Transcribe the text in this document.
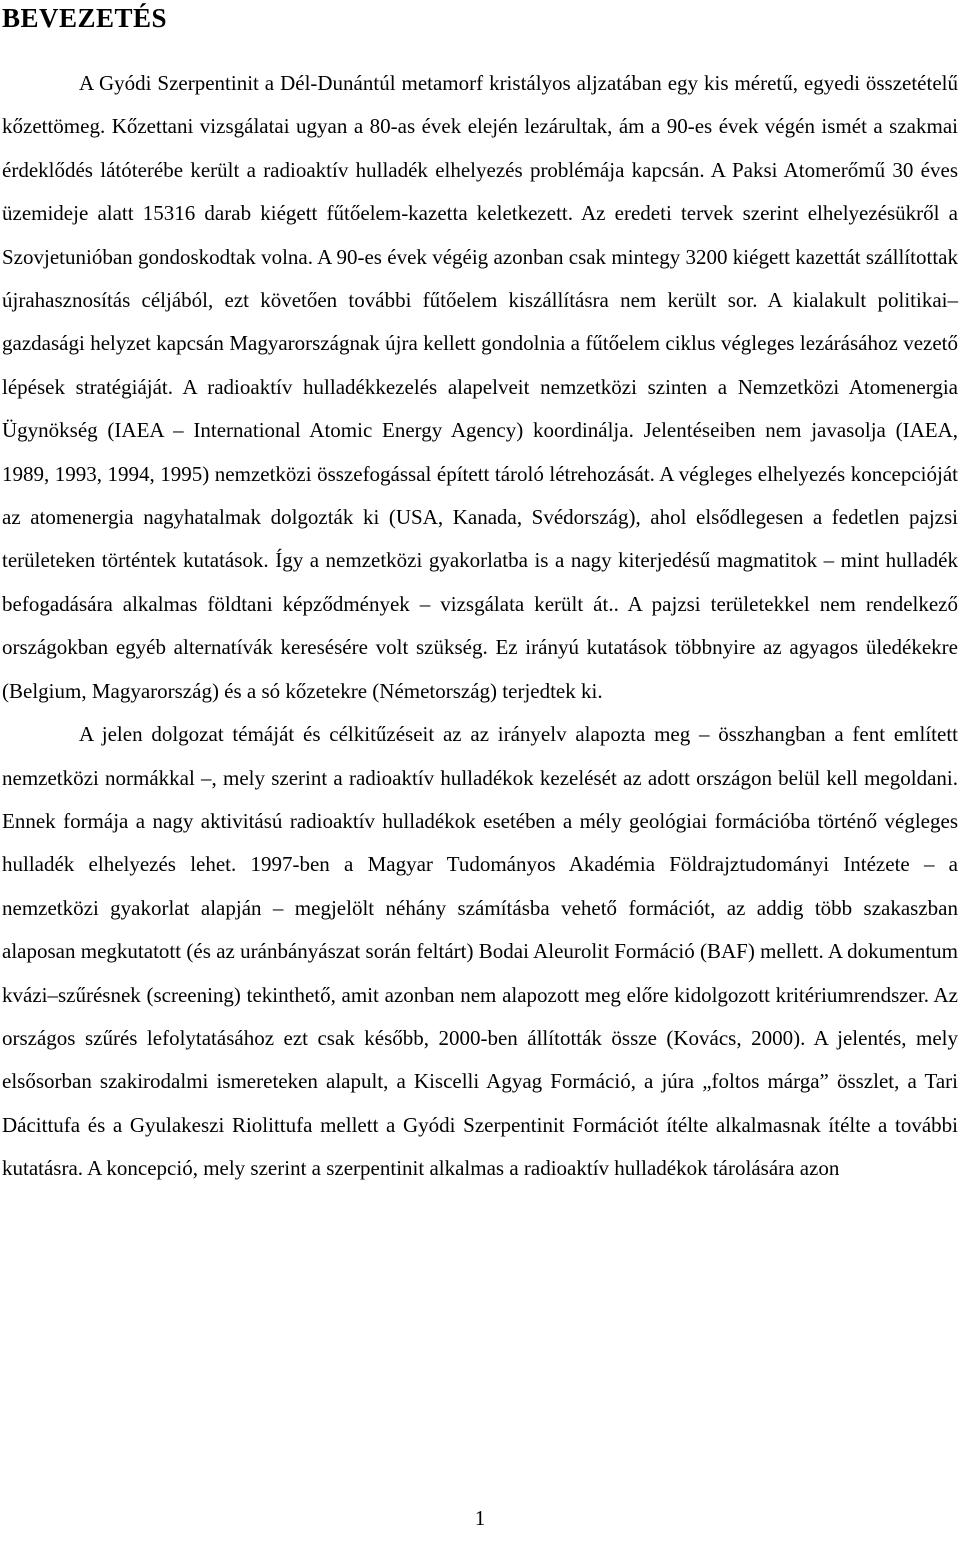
BEVEZETÉS

A Gyódi Szerpentinit a Dél-Dunántúl metamorf kristályos aljzatában egy kis méretű, egyedi összetételű kőzettömeg. Kőzettani vizsgálatai ugyan a 80-as évek elején lezárultak, ám a 90-es évek végén ismét a szakmai érdeklődés látóterébe került a radioaktív hulladék elhelyezés problémája kapcsán. A Paksi Atomerőmű 30 éves üzemideje alatt 15316 darab kiégett fűtőelem-kazetta keletkezett. Az eredeti tervek szerint elhelyezésükről a Szovjetunióban gondoskodtak volna. A 90-es évek végéig azonban csak mintegy 3200 kiégett kazettát szállítottak újrahasznosítás céljából, ezt követően további fűtőelem kiszállításra nem került sor. A kialakult politikai–gazdasági helyzet kapcsán Magyarországnak újra kellett gondolnia a fűtőelem ciklus végleges lezárásához vezető lépések stratégiáját. A radioaktív hulladékkezelés alapelveit nemzetközi szinten a Nemzetközi Atomenergia Ügynökség (IAEA – International Atomic Energy Agency) koordinálja. Jelentéseiben nem javasolja (IAEA, 1989, 1993, 1994, 1995) nemzetközi összefogással épített tároló létrehozását. A végleges elhelyezés koncepcióját az atomenergia nagyhatalmak dolgozták ki (USA, Kanada, Svédország), ahol elsődlegesen a fedetlen pajzsi területeken történtek kutatások. Így a nemzetközi gyakorlatba is a nagy kiterjedésű magmatitok – mint hulladék befogadására alkalmas földtani képződmények – vizsgálata került át.. A pajzsi területekkel nem rendelkező országokban egyéb alternatívák keresésére volt szükség. Ez irányú kutatások többnyire az agyagos üledékekre (Belgium, Magyarország) és a só kőzetekre (Németország) terjedtek ki.

A jelen dolgozat témáját és célkitűzéseit az az irányelv alapozta meg – összhangban a fent említett nemzetközi normákkal –, mely szerint a radioaktív hulladékok kezelését az adott országon belül kell megoldani. Ennek formája a nagy aktivitású radioaktív hulladékok esetében a mély geológiai formációba történő végleges hulladék elhelyezés lehet. 1997-ben a Magyar Tudományos Akadémia Földrajztudományi Intézete – a nemzetközi gyakorlat alapján – megjelölt néhány számításba vehető formációt, az addig több szakaszban alaposan megkutatott (és az uránbányászat során feltárt) Bodai Aleurolit Formáció (BAF) mellett. A dokumentum kvázi–szűrésnek (screening) tekinthető, amit azonban nem alapozott meg előre kidolgozott kritériumrendszer. Az országos szűrés lefolytatásához ezt csak később, 2000-ben állították össze (Kovács, 2000). A jelentés, mely elsősorban szakirodalmi ismereteken alapult, a Kiscelli Agyag Formáció, a júra „foltos márga” összlet, a Tari Dácittufa és a Gyulakeszi Riolittufa mellett a Gyódi Szerpentinit Formációt ítélte alkalmasnak ítélte a további kutatásra. A koncepció, mely szerint a szerpentinit alkalmas a radioaktív hulladékok tárolására azon

1
